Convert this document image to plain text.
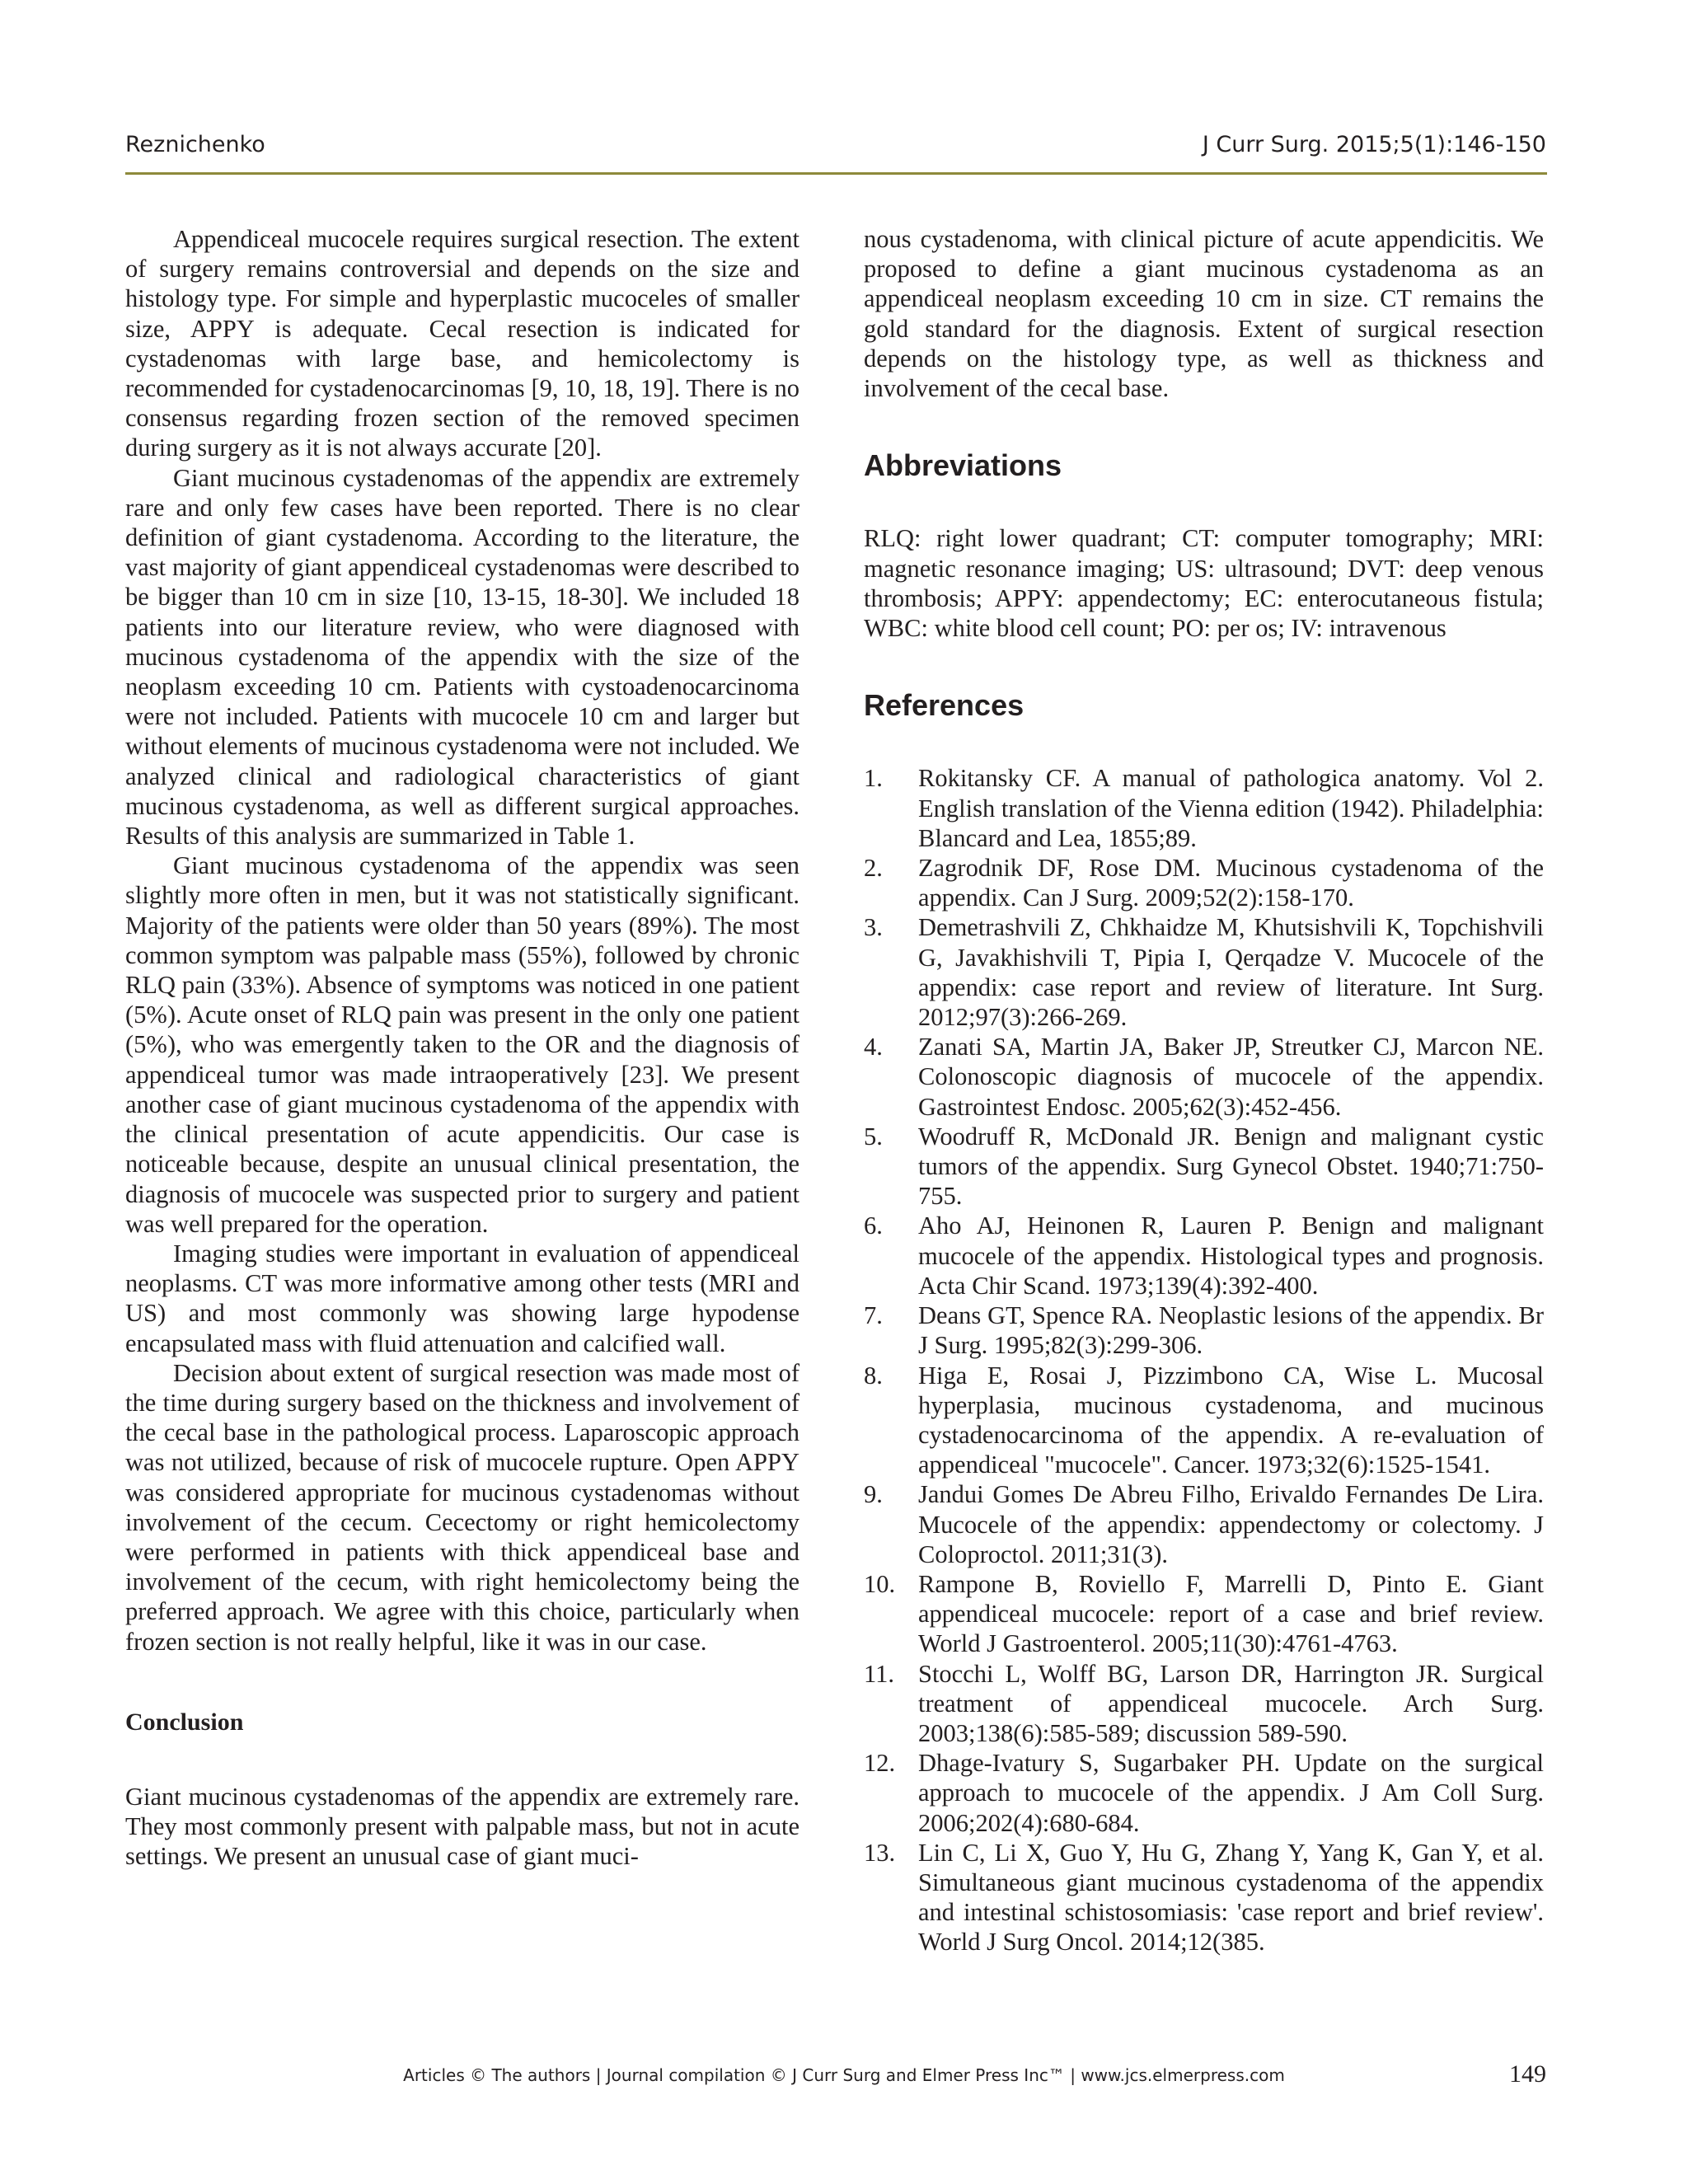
Reznichenko	J Curr Surg. 2015;5(1):146-150

Appendiceal mucocele requires surgical resection. The extent of surgery remains controversial and depends on the size and histology type. For simple and hyperplastic mucoceles of smaller size, APPY is adequate. Cecal resection is indicated for cystadenomas with large base, and hemicolectomy is recommended for cystadenocarcinomas [9, 10, 18, 19]. There is no consensus regarding frozen section of the removed specimen during surgery as it is not always accurate [20].

Giant mucinous cystadenomas of the appendix are extremely rare and only few cases have been reported. There is no clear definition of giant cystadenoma. According to the literature, the vast majority of giant appendiceal cystadenomas were described to be bigger than 10 cm in size [10, 13-15, 18-30]. We included 18 patients into our literature review, who were diagnosed with mucinous cystadenoma of the appendix with the size of the neoplasm exceeding 10 cm. Patients with cystoadenocarcinoma were not included. Patients with mucocele 10 cm and larger but without elements of mucinous cystadenoma were not included. We analyzed clinical and radiological characteristics of giant mucinous cystadenoma, as well as different surgical approaches. Results of this analysis are summarized in Table 1.

Giant mucinous cystadenoma of the appendix was seen slightly more often in men, but it was not statistically significant. Majority of the patients were older than 50 years (89%). The most common symptom was palpable mass (55%), followed by chronic RLQ pain (33%). Absence of symptoms was noticed in one patient (5%). Acute onset of RLQ pain was present in the only one patient (5%), who was emergently taken to the OR and the diagnosis of appendiceal tumor was made intraoperatively [23]. We present another case of giant mucinous cystadenoma of the appendix with the clinical presentation of acute appendicitis. Our case is noticeable because, despite an unusual clinical presentation, the diagnosis of mucocele was suspected prior to surgery and patient was well prepared for the operation.

Imaging studies were important in evaluation of appendiceal neoplasms. CT was more informative among other tests (MRI and US) and most commonly was showing large hypodense encapsulated mass with fluid attenuation and calcified wall.

Decision about extent of surgical resection was made most of the time during surgery based on the thickness and involvement of the cecal base in the pathological process. Laparoscopic approach was not utilized, because of risk of mucocele rupture. Open APPY was considered appropriate for mucinous cystadenomas without involvement of the cecum. Cecectomy or right hemicolectomy were performed in patients with thick appendiceal base and involvement of the cecum, with right hemicolectomy being the preferred approach. We agree with this choice, particularly when frozen section is not really helpful, like it was in our case.

Conclusion

Giant mucinous cystadenomas of the appendix are extremely rare. They most commonly present with palpable mass, but not in acute settings. We present an unusual case of giant muci-

nous cystadenoma, with clinical picture of acute appendicitis. We proposed to define a giant mucinous cystadenoma as an appendiceal neoplasm exceeding 10 cm in size. CT remains the gold standard for the diagnosis. Extent of surgical resection depends on the histology type, as well as thickness and involvement of the cecal base.

Abbreviations

RLQ: right lower quadrant; CT: computer tomography; MRI: magnetic resonance imaging; US: ultrasound; DVT: deep venous thrombosis; APPY: appendectomy; EC: enterocutaneous fistula; WBC: white blood cell count; PO: per os; IV: intravenous

References
1.	Rokitansky CF. A manual of pathologica anatomy. Vol 2. English translation of the Vienna edition (1942). Philadelphia: Blancard and Lea, 1855;89.
2.	Zagrodnik DF, Rose DM. Mucinous cystadenoma of the appendix. Can J Surg. 2009;52(2):158-170.
3.	Demetrashvili Z, Chkhaidze M, Khutsishvili K, Topchishvili G, Javakhishvili T, Pipia I, Qerqadze V. Mucocele of the appendix: case report and review of literature. Int Surg. 2012;97(3):266-269.
4.	Zanati SA, Martin JA, Baker JP, Streutker CJ, Marcon NE. Colonoscopic diagnosis of mucocele of the appendix. Gastrointest Endosc. 2005;62(3):452-456.
5.	Woodruff R, McDonald JR. Benign and malignant cystic tumors of the appendix. Surg Gynecol Obstet. 1940;71:750-755.
6.	Aho AJ, Heinonen R, Lauren P. Benign and malignant mucocele of the appendix. Histological types and prognosis. Acta Chir Scand. 1973;139(4):392-400.
7.	Deans GT, Spence RA. Neoplastic lesions of the appendix. Br J Surg. 1995;82(3):299-306.
8.	Higa E, Rosai J, Pizzimbono CA, Wise L. Mucosal hyperplasia, mucinous cystadenoma, and mucinous cystadenocarcinoma of the appendix. A re-evaluation of appendiceal "mucocele". Cancer. 1973;32(6):1525-1541.
9.	Jandui Gomes De Abreu Filho, Erivaldo Fernandes De Lira. Mucocele of the appendix: appendectomy or colectomy. J Coloproctol. 2011;31(3).
10. Rampone B, Roviello F, Marrelli D, Pinto E. Giant appendiceal mucocele: report of a case and brief review. World J Gastroenterol. 2005;11(30):4761-4763.
11. Stocchi L, Wolff BG, Larson DR, Harrington JR. Surgical treatment of appendiceal mucocele. Arch Surg. 2003;138(6):585-589; discussion 589-590.
12. Dhage-Ivatury S, Sugarbaker PH. Update on the surgical approach to mucocele of the appendix. J Am Coll Surg. 2006;202(4):680-684.
13. Lin C, Li X, Guo Y, Hu G, Zhang Y, Yang K, Gan Y, et al. Simultaneous giant mucinous cystadenoma of the appendix and intestinal schistosomiasis: 'case report and brief review'. World J Surg Oncol. 2014;12(385.
Articles © The authors | Journal compilation © J Curr Surg and Elmer Press Inc™ | www.jcs.elmerpress.com	149
